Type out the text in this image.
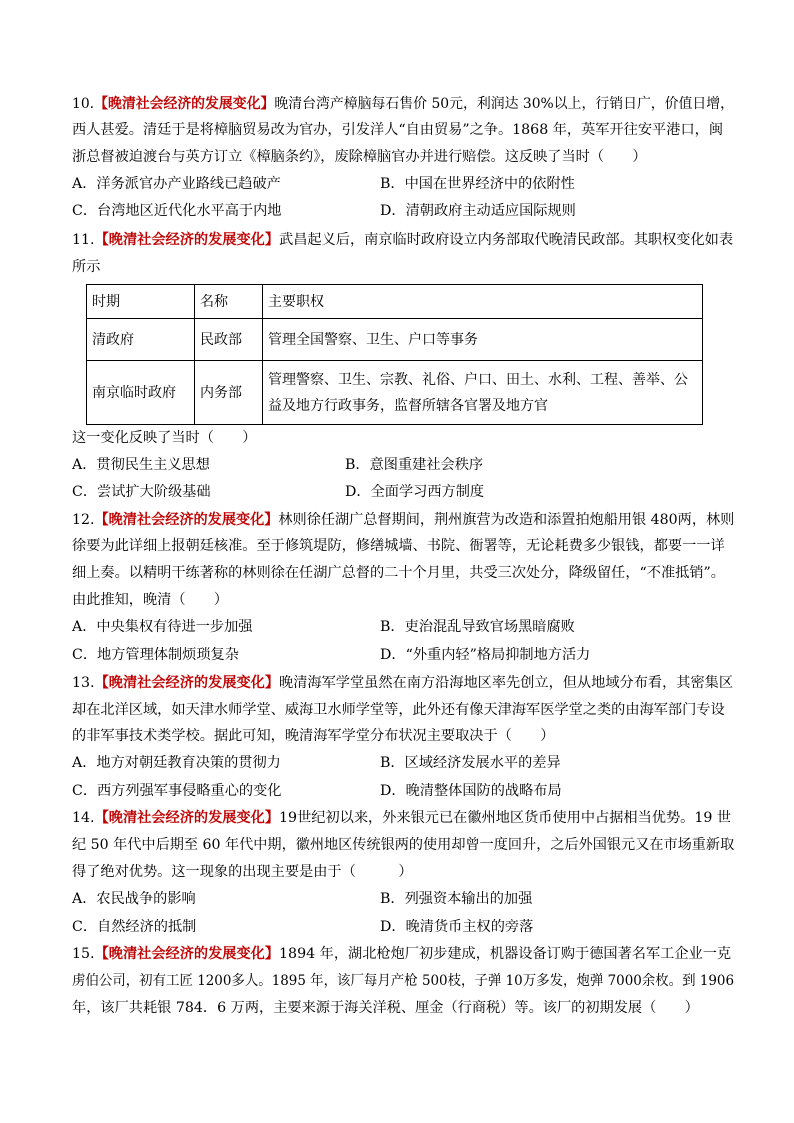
10.【晚清社会经济的发展变化】晚清台湾产樟脑每石售价 50元，利润达 30%以上，行销日广，价值日增，
西人甚爱。清廷于是将樟脑贸易改为官办，引发洋人“自由贸易”之争。1868 年，英军开往安平港口，闽
浙总督被迫渡台与英方订立《樟脑条约》，废除樟脑官办并进行赔偿。这反映了当时（　　）
A．洋务派官办产业路线已趋破产	B．中国在世界经济中的依附性
C．台湾地区近代化水平高于内地	D．清朝政府主动适应国际规则
11.【晚清社会经济的发展变化】武昌起义后，南京临时政府设立内务部取代晚清民政部。其职权变化如表
所示
时期	名称	主要职权
清政府	民政部	管理全国警察、卫生、户口等事务
南京临时政府	内务部	管理警察、卫生、宗教、礼俗、户口、田土、水利、工程、善举、公
益及地方行政事务，监督所辖各官署及地方官
这一变化反映了当时（　　）
A．贯彻民生主义思想	B．意图重建社会秩序
C．尝试扩大阶级基础	D．全面学习西方制度
12.【晚清社会经济的发展变化】林则徐任湖广总督期间，荆州旗营为改造和添置拍炮船用银 480两，林则
徐要为此详细上报朝廷核准。至于修筑堤防，修缮城墙、书院、衙署等，无论耗费多少银钱，都要一一详
细上奏。以精明干练著称的林则徐在任湖广总督的二十个月里，共受三次处分，降级留任，“不准抵销”。
由此推知，晚清（　　）
A．中央集权有待进一步加强	B．吏治混乱导致官场黑暗腐败
C．地方管理体制烦琐复杂	D．“外重内轻”格局抑制地方活力
13.【晚清社会经济的发展变化】晚清海军学堂虽然在南方沿海地区率先创立，但从地域分布看，其密集区
却在北洋区域，如天津水师学堂、威海卫水师学堂等，此外还有像天津海军医学堂之类的由海军部门专设
的非军事技术类学校。据此可知，晚清海军学堂分布状况主要取决于（　　）
A．地方对朝廷教育决策的贯彻力	B．区域经济发展水平的差异
C．西方列强军事侵略重心的变化	D．晚清整体国防的战略布局
14.【晚清社会经济的发展变化】19世纪初以来，外来银元已在徽州地区货币使用中占据相当优势。19 世
纪 50 年代中后期至 60 年代中期，徽州地区传统银两的使用却曾一度回升，之后外国银元又在市场重新取
得了绝对优势。这一现象的出现主要是由于（　　　）
A．农民战争的影响	B．列强资本输出的加强
C．自然经济的抵制	D．晚清货币主权的旁落
15.【晚清社会经济的发展变化】1894 年，湖北枪炮厂初步建成，机器设备订购于德国著名军工企业一克
虏伯公司，初有工匠 1200多人。1895 年，该厂每月产枪 500枝，子弹 10万多发，炮弹 7000余枚。到 1906
年，该厂共耗银 784．6 万两，主要来源于海关洋税、厘金（行商税）等。该厂的初期发展（　　）
